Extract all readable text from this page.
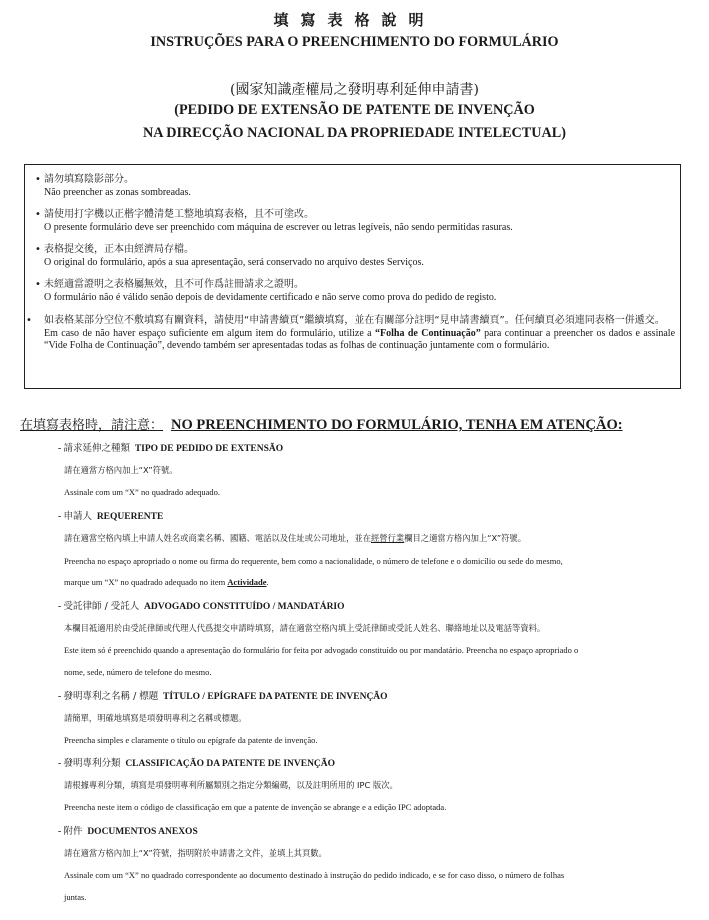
填寫表格說明
INSTRUÇÕES PARA O PREENCHIMENTO DO FORMULÁRIO
(國家知識產權局之發明專利延伸申請書)
(PEDIDO DE EXTENSÃO DE PATENTE DE INVENÇÃO
NA DIRECÇÃO NACIONAL DA PROPRIEDADE INTELECTUAL)
• 請勿填寫陰影部分。
Não preencher as zonas sombreadas.
• 請使用打字機以正楷字體清楚工整地填寫表格，且不可塗改。
O presente formulário deve ser preenchido com máquina de escrever ou letras legíveis, não sendo permitidas rasuras.
• 表格提交後，正本由經濟局存檔。
O original do formulário, após a sua apresentação, será conservado no arquivo destes Serviços.
• 未經適當證明之表格屬無效，且不可作爲註冊請求之證明。
O formulário não é válido senão depois de devidamente certificado e não serve como prova do pedido de registo.
• 如表格某部分空位不敷填寫有關資料，請使用“申請書續頁”繼續填寫，並在有關部分註明“見申請書續頁”。任何續頁必須連同表格一併遞交。
Em caso de não haver espaço suficiente em algum item do formulário, utilize a “Folha de Continuação” para continuar a preencher os dados e assinale “Vide Folha de Continuação”, devendo também ser apresentadas todas as folhas de continuação juntamente com o formulário.
在填寫表格時，請注意： NO PREENCHIMENTO DO FORMULÁRIO, TENHA EM ATENÇÃO:
- 請求延伸之種類 TIPO DE PEDIDO DE EXTENSÃO
請在適當方格內加上“X”符號。
Assinale com um “X” no quadrado adequado.
- 申請人 REQUERENTE
請在適當空格內填上申請人姓名或商業名稱、國籍、電話以及住址或公司地址，並在經營行業欄目之適當方格內加上“X”符號。
Preencha no espaço apropriado o nome ou firma do requerente, bem como a nacionalidade, o número de telefone e o domicílio ou sede do mesmo,
marque um “X” no quadrado adequado no item Actividade.
- 受託律師 / 受託人 ADVOGADO CONSTITUÍDO / MANDATÁRIO
本欄目祗適用於由受託律師或代理人代爲提交申請時填寫，請在適當空格內填上受託律師或受託人姓名、聯絡地址以及電話等資料。
Este item só é preenchido quando a apresentação do formulário for feita por advogado constituído ou por mandatário. Preencha no espaço apropriado o
nome, sede, número de telefone do mesmo.
- 發明專利之名稱 / 標題 TÍTULO / EPÍGRAFE DA PATENTE DE INVENÇÃO
請簡單，明確地填寫是項發明專利之名稱或標題。
Preencha simples e claramente o título ou epígrafe da patente de invenção.
- 發明專利分類 CLASSIFICAÇÃO DA PATENTE DE INVENÇÃO
請根據專利分類，填寫是項發明專利所屬類別之指定分類編碼，以及註明所用的 IPC 版次。
Preencha neste item o código de classificação em que a patente de invenção se abrange e a edição IPC adoptada.
- 附件 DOCUMENTOS ANEXOS
請在適當方格內加上“X”符號，指明附於申請書之文件，並填上其頁數。
Assinale com um “X” no quadrado correspondente ao documento destinado à instrução do pedido indicado, e se for caso disso, o número de folhas
juntas.
